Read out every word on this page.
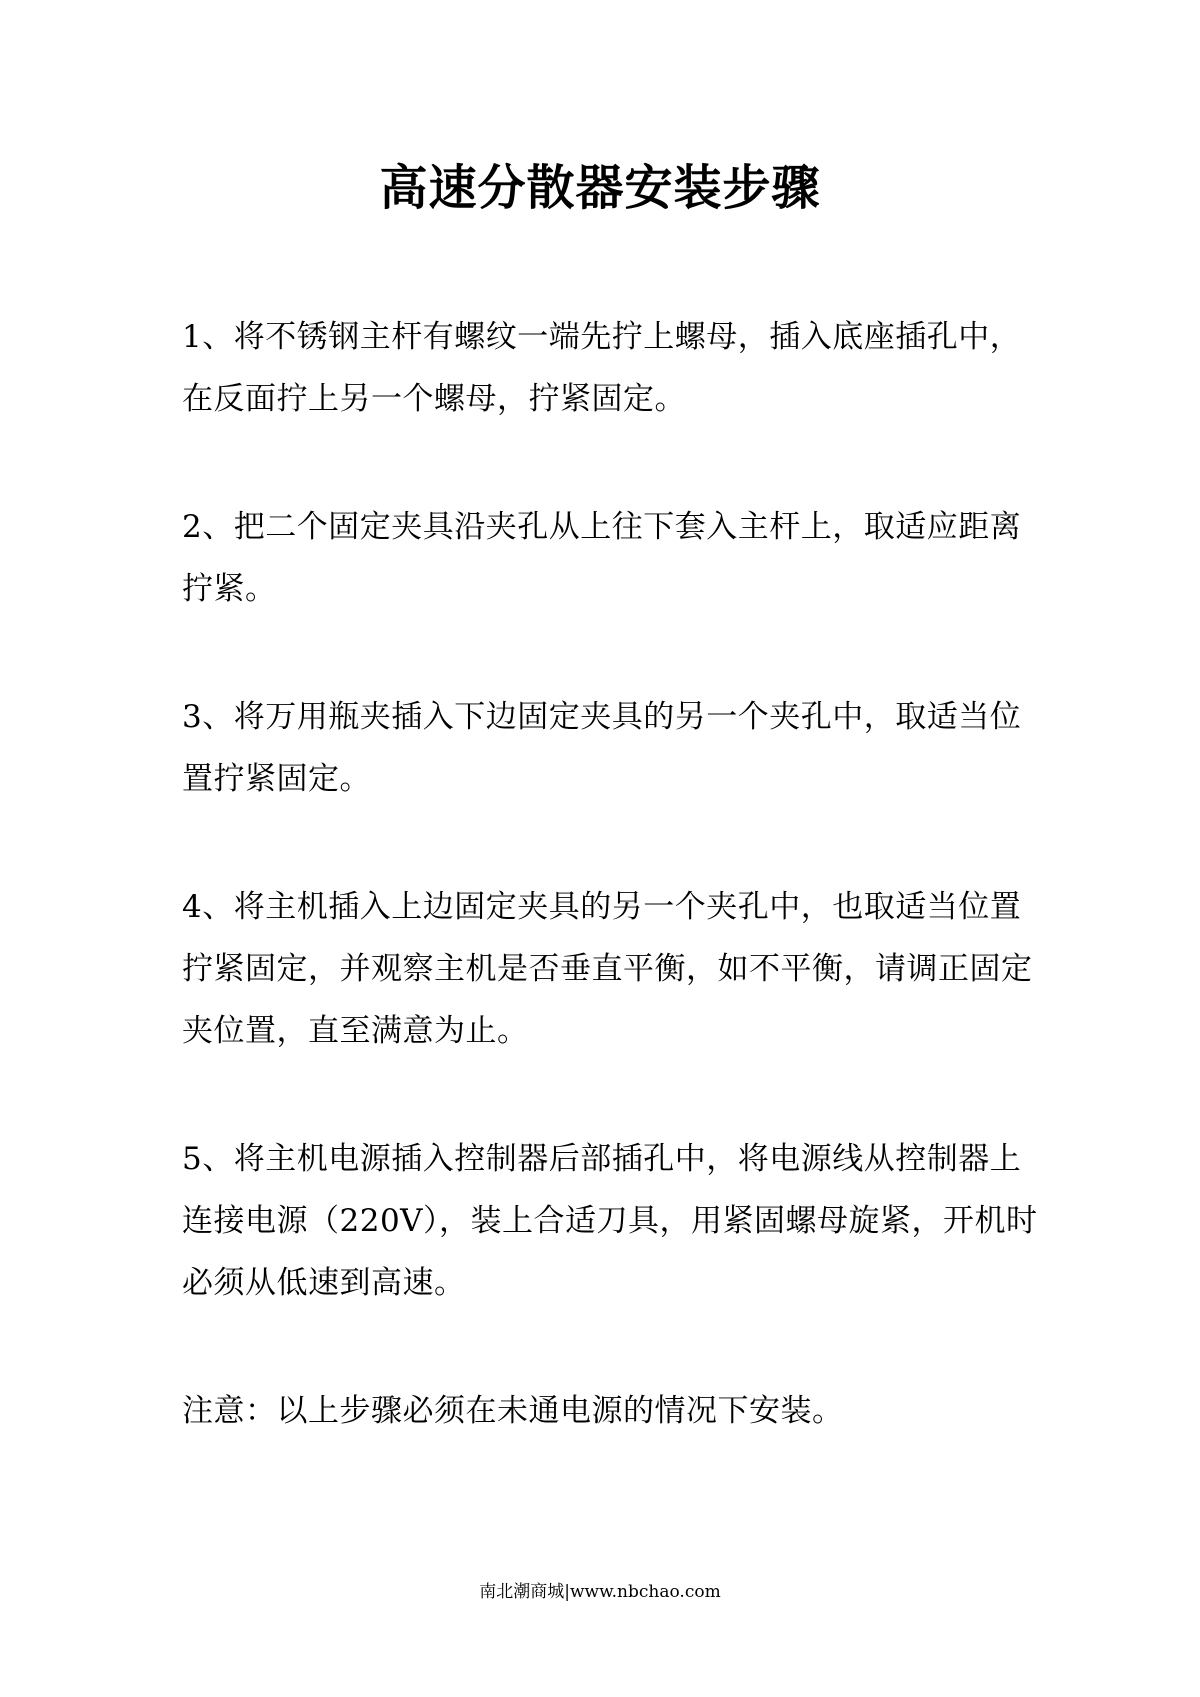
高速分散器安装步骤

1、将不锈钢主杆有螺纹一端先拧上螺母，插入底座插孔中，在反面拧上另一个螺母，拧紧固定。

2、把二个固定夹具沿夹孔从上往下套入主杆上，取适应距离拧紧。

3、将万用瓶夹插入下边固定夹具的另一个夹孔中，取适当位置拧紧固定。

4、将主机插入上边固定夹具的另一个夹孔中，也取适当位置拧紧固定，并观察主机是否垂直平衡，如不平衡，请调正固定夹位置，直至满意为止。

5、将主机电源插入控制器后部插孔中，将电源线从控制器上连接电源（220V），装上合适刀具，用紧固螺母旋紧，开机时必须从低速到高速。

注意：以上步骤必须在未通电源的情况下安装。

南北潮商城|www.nbchao.com
